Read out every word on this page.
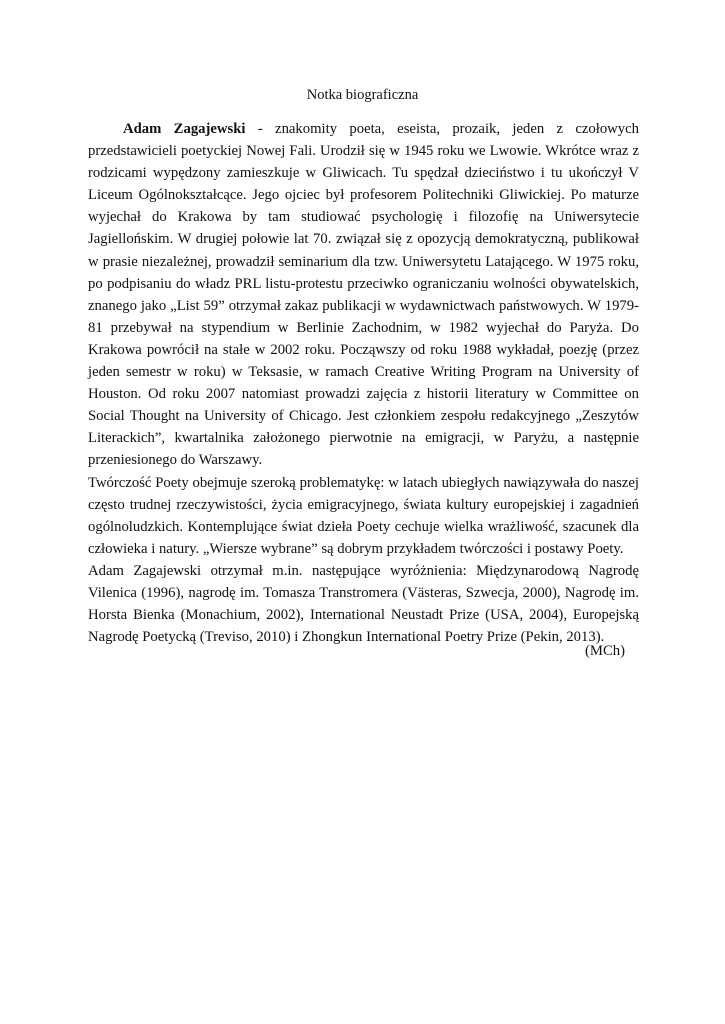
Notka biograficzna

Adam Zagajewski - znakomity poeta, eseista, prozaik, jeden z czołowych przedstawicieli poetyckiej Nowej Fali. Urodził się w 1945 roku we Lwowie. Wkrótce wraz z rodzicami wypędzony zamieszkuje w Gliwicach. Tu spędzał dzieciństwo i tu ukończył V Liceum Ogólnokształcące. Jego ojciec był profesorem Politechniki Gliwickiej. Po maturze wyjechał do Krakowa by tam studiować psychologię i filozofię na Uniwersytecie Jagiellońskim. W drugiej połowie lat 70. związał się z opozycją demokratyczną, publikował w prasie niezależnej, prowadził seminarium dla tzw. Uniwersytetu Latającego. W 1975 roku, po podpisaniu do władz PRL listu-protestu przeciwko ograniczaniu wolności obywatelskich, znanego jako „List 59” otrzymał zakaz publikacji w wydawnictwach państwowych. W 1979-81 przebywał na stypendium w Berlinie Zachodnim, w 1982 wyjechał do Paryża. Do Krakowa powrócił na stałe w 2002 roku. Począwszy od roku 1988 wykładał, poezję (przez jeden semestr w roku) w Teksasie, w ramach Creative Writing Program na University of Houston. Od roku 2007 natomiast prowadzi zajęcia z historii literatury w Committee on Social Thought na University of Chicago. Jest członkiem zespołu redakcyjnego „Zeszytów Literackich”, kwartalnika założonego pierwotnie na emigracji, w Paryżu, a następnie przeniesionego do Warszawy.

Twórczość Poety obejmuje szeroką problematykę: w latach ubiegłych nawiązywała do naszej często trudnej rzeczywistości, życia emigracyjnego, świata kultury europejskiej i zagadnień ogólnoludzkich. Kontemplujące świat dzieła Poety cechuje wielka wrażliwość, szacunek dla człowieka i natury. „Wiersze wybrane” są dobrym przykładem twórczości i postawy Poety.

Adam Zagajewski otrzymał m.in. następujące wyróżnienia: Międzynarodową Nagrodę Vilenica (1996), nagrodę im. Tomasza Transtromera (Västeras, Szwecja, 2000), Nagrodę im. Horsta Bienka (Monachium, 2002), International Neustadt Prize (USA, 2004), Europejską Nagrodę Poetycką (Treviso, 2010) i Zhongkun International Poetry Prize (Pekin, 2013).

(MCh)
